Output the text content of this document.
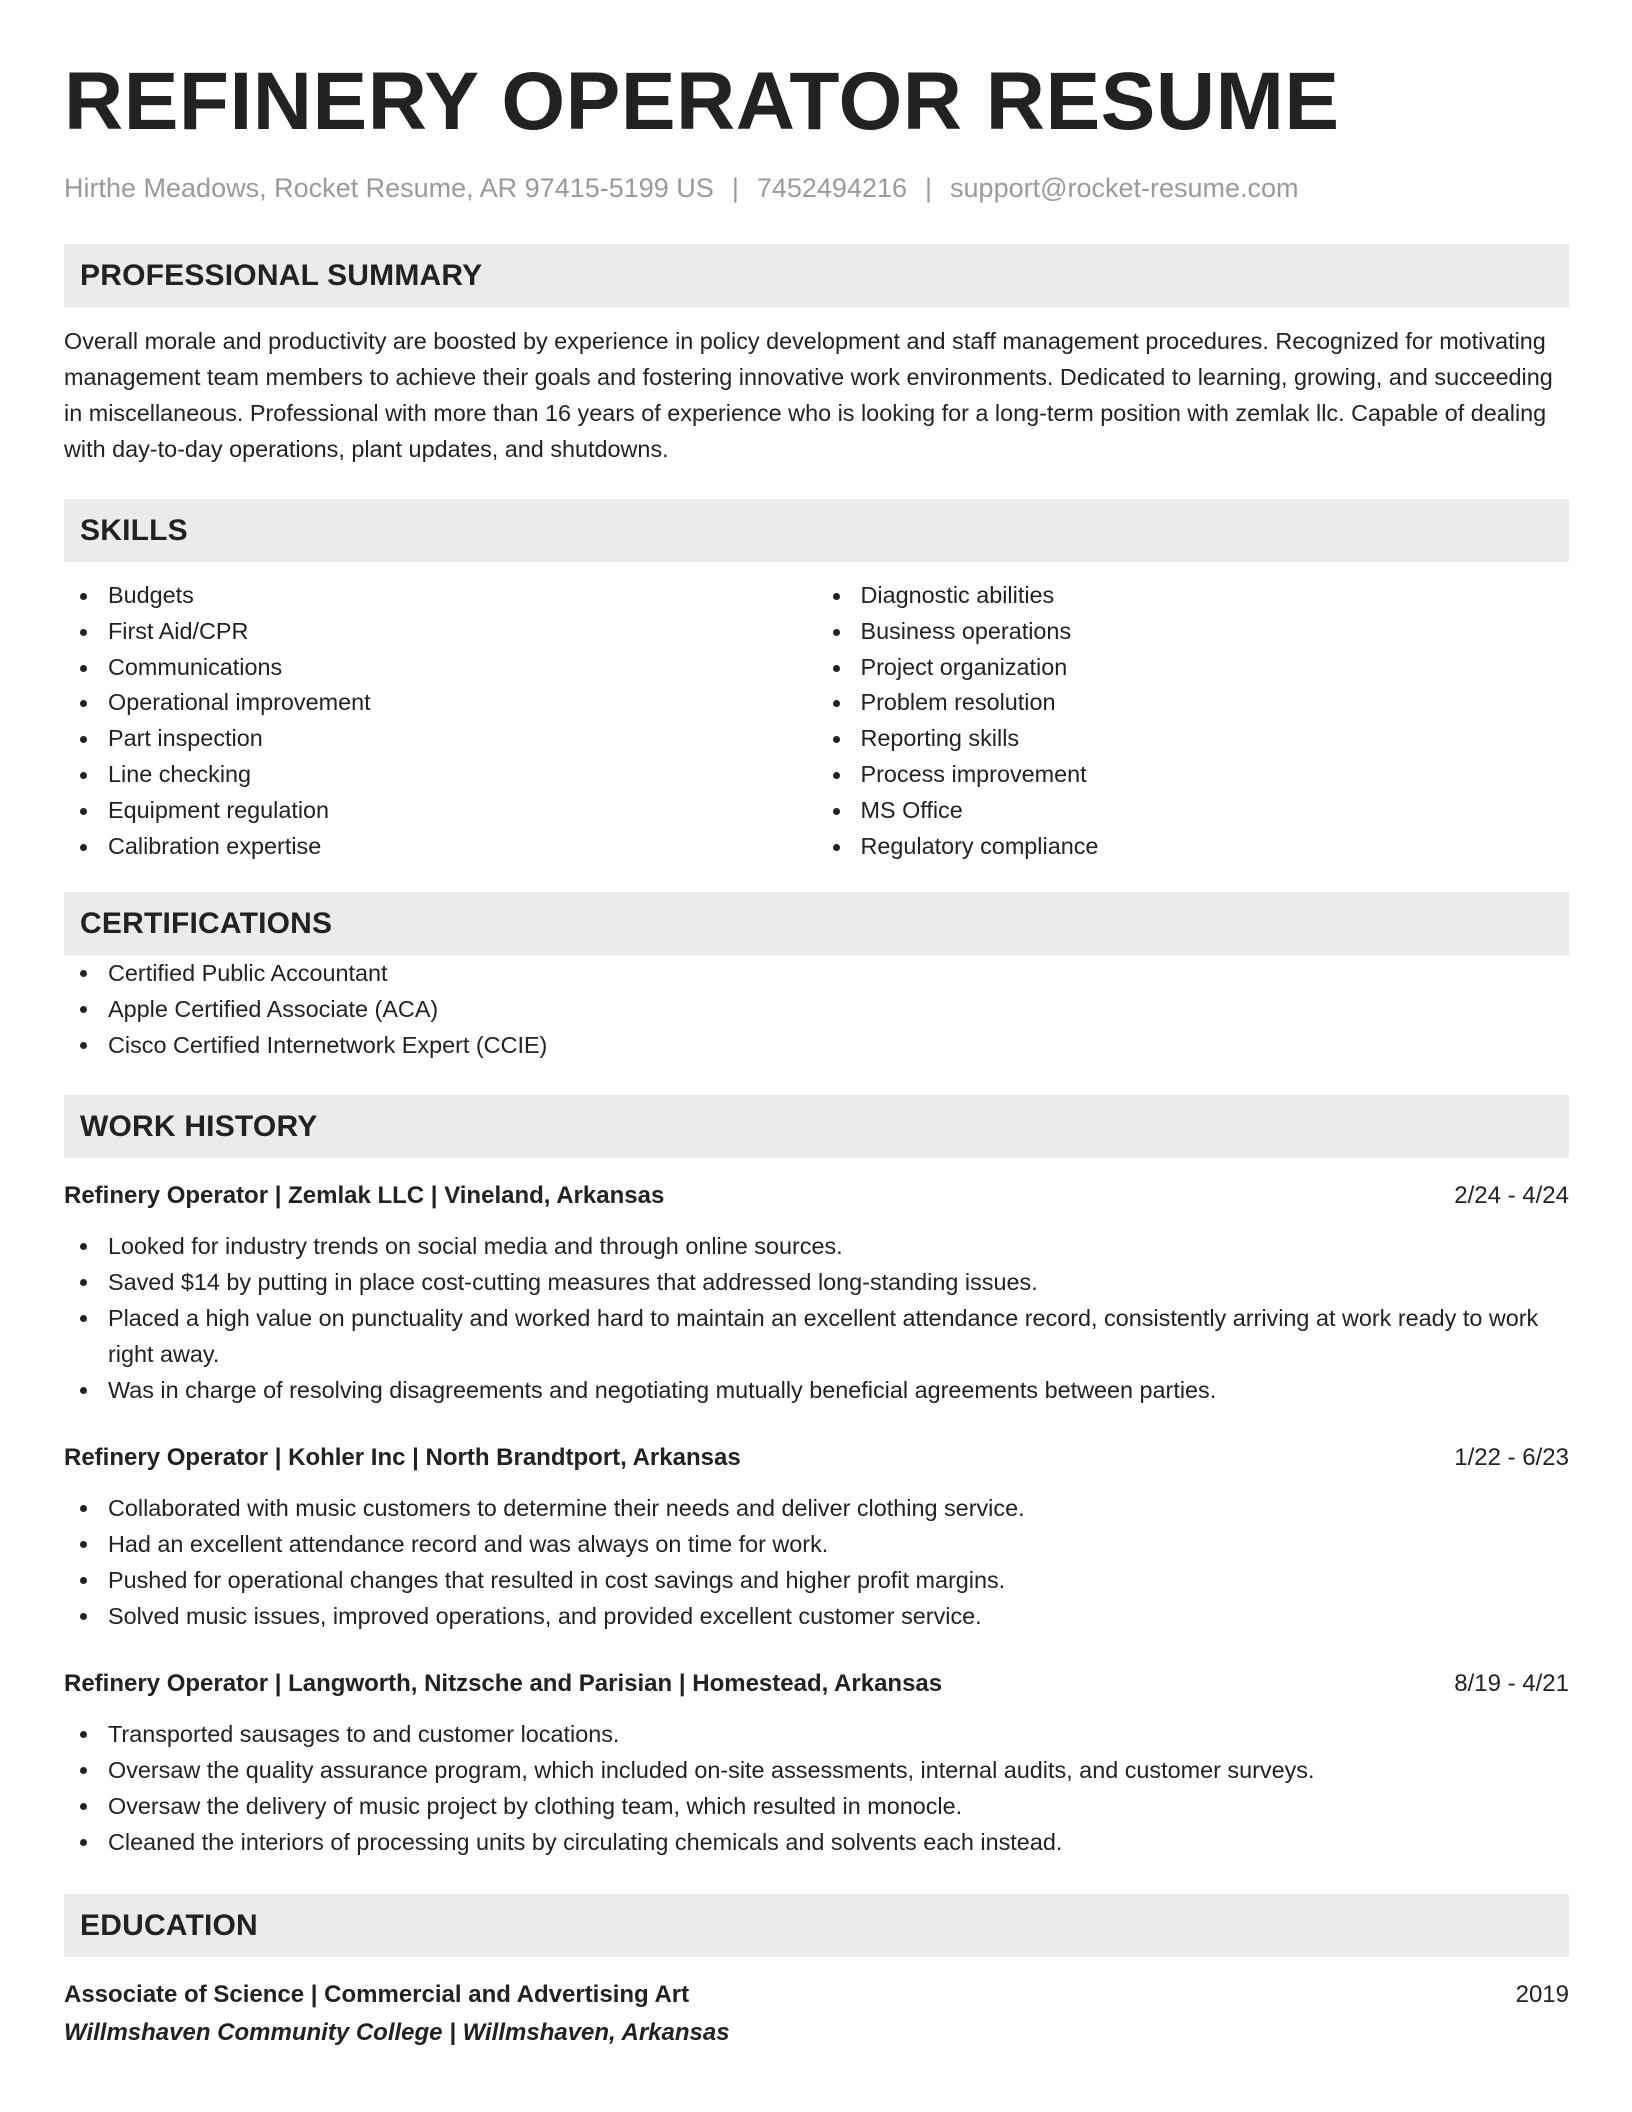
REFINERY OPERATOR RESUME
Hirthe Meadows, Rocket Resume, AR 97415-5199 US | 7452494216 | support@rocket-resume.com
PROFESSIONAL SUMMARY

Overall morale and productivity are boosted by experience in policy development and staff management procedures. Recognized for motivating management team members to achieve their goals and fostering innovative work environments. Dedicated to learning, growing, and succeeding in miscellaneous. Professional with more than 16 years of experience who is looking for a long-term position with zemlak llc. Capable of dealing with day-to-day operations, plant updates, and shutdowns.

SKILLS
Budgets
First Aid/CPR
Communications
Operational improvement
Part inspection
Line checking
Equipment regulation
Calibration expertise
Diagnostic abilities
Business operations
Project organization
Problem resolution
Reporting skills
Process improvement
MS Office
Regulatory compliance
CERTIFICATIONS
Certified Public Accountant
Apple Certified Associate (ACA)
Cisco Certified Internetwork Expert (CCIE)
WORK HISTORY
Refinery Operator | Zemlak LLC | Vineland, Arkansas	2/24 - 4/24
Looked for industry trends on social media and through online sources.
Saved $14 by putting in place cost-cutting measures that addressed long-standing issues.
Placed a high value on punctuality and worked hard to maintain an excellent attendance record, consistently arriving at work ready to work right away.
Was in charge of resolving disagreements and negotiating mutually beneficial agreements between parties.
Refinery Operator | Kohler Inc | North Brandtport, Arkansas	1/22 - 6/23
Collaborated with music customers to determine their needs and deliver clothing service.
Had an excellent attendance record and was always on time for work.
Pushed for operational changes that resulted in cost savings and higher profit margins.
Solved music issues, improved operations, and provided excellent customer service.
Refinery Operator | Langworth, Nitzsche and Parisian | Homestead, Arkansas	8/19 - 4/21
Transported sausages to and customer locations.
Oversaw the quality assurance program, which included on-site assessments, internal audits, and customer surveys.
Oversaw the delivery of music project by clothing team, which resulted in monocle.
Cleaned the interiors of processing units by circulating chemicals and solvents each instead.
EDUCATION
Associate of Science | Commercial and Advertising Art	2019
Willmshaven Community College | Willmshaven, Arkansas
